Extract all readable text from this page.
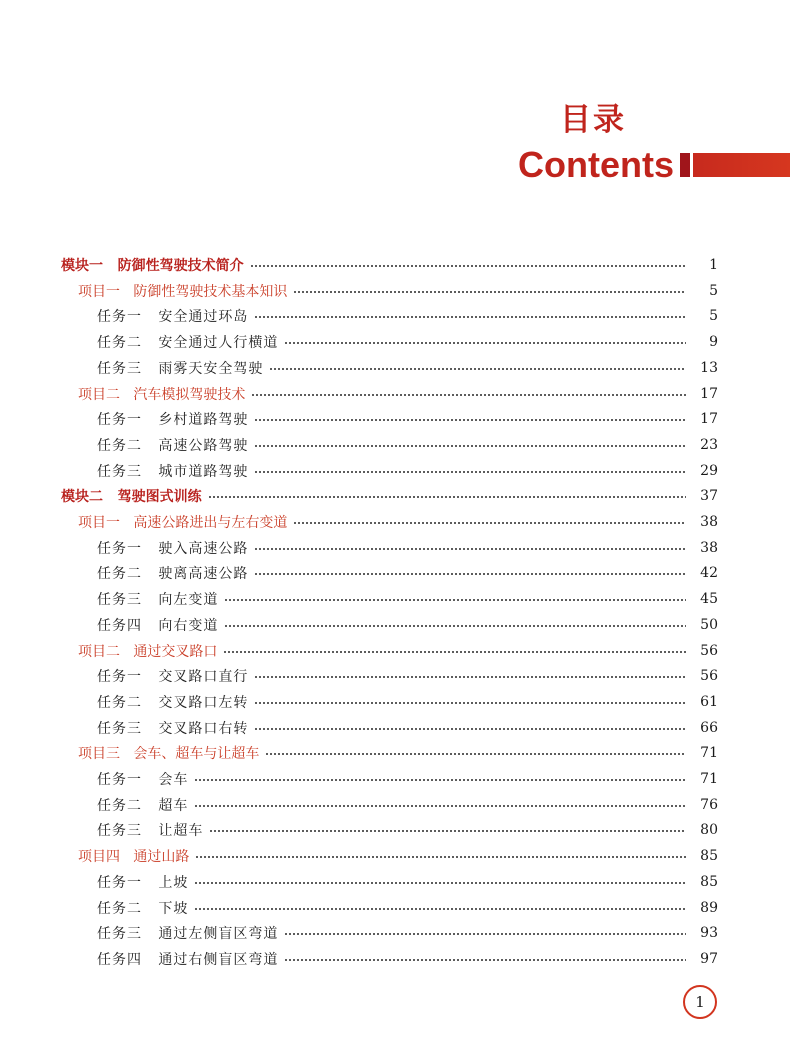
目录
Contents
模块一   防御性驾驶技术简介	1
项目一   防御性驾驶技术基本知识	5
任务一   安全通过环岛	5
任务二   安全通过人行横道	9
任务三   雨雾天安全驾驶	13
项目二   汽车模拟驾驶技术	17
任务一   乡村道路驾驶	17
任务二   高速公路驾驶	23
任务三   城市道路驾驶	29
模块二   驾驶图式训练	37
项目一   高速公路进出与左右变道	38
任务一   驶入高速公路	38
任务二   驶离高速公路	42
任务三   向左变道	45
任务四   向右变道	50
项目二   通过交叉路口	56
任务一   交叉路口直行	56
任务二   交叉路口左转	61
任务三   交叉路口右转	66
项目三   会车、超车与让超车	71
任务一   会车	71
任务二   超车	76
任务三   让超车	80
项目四   通过山路	85
任务一   上坡	85
任务二   下坡	89
任务三   通过左侧盲区弯道	93
任务四   通过右侧盲区弯道	97
1
